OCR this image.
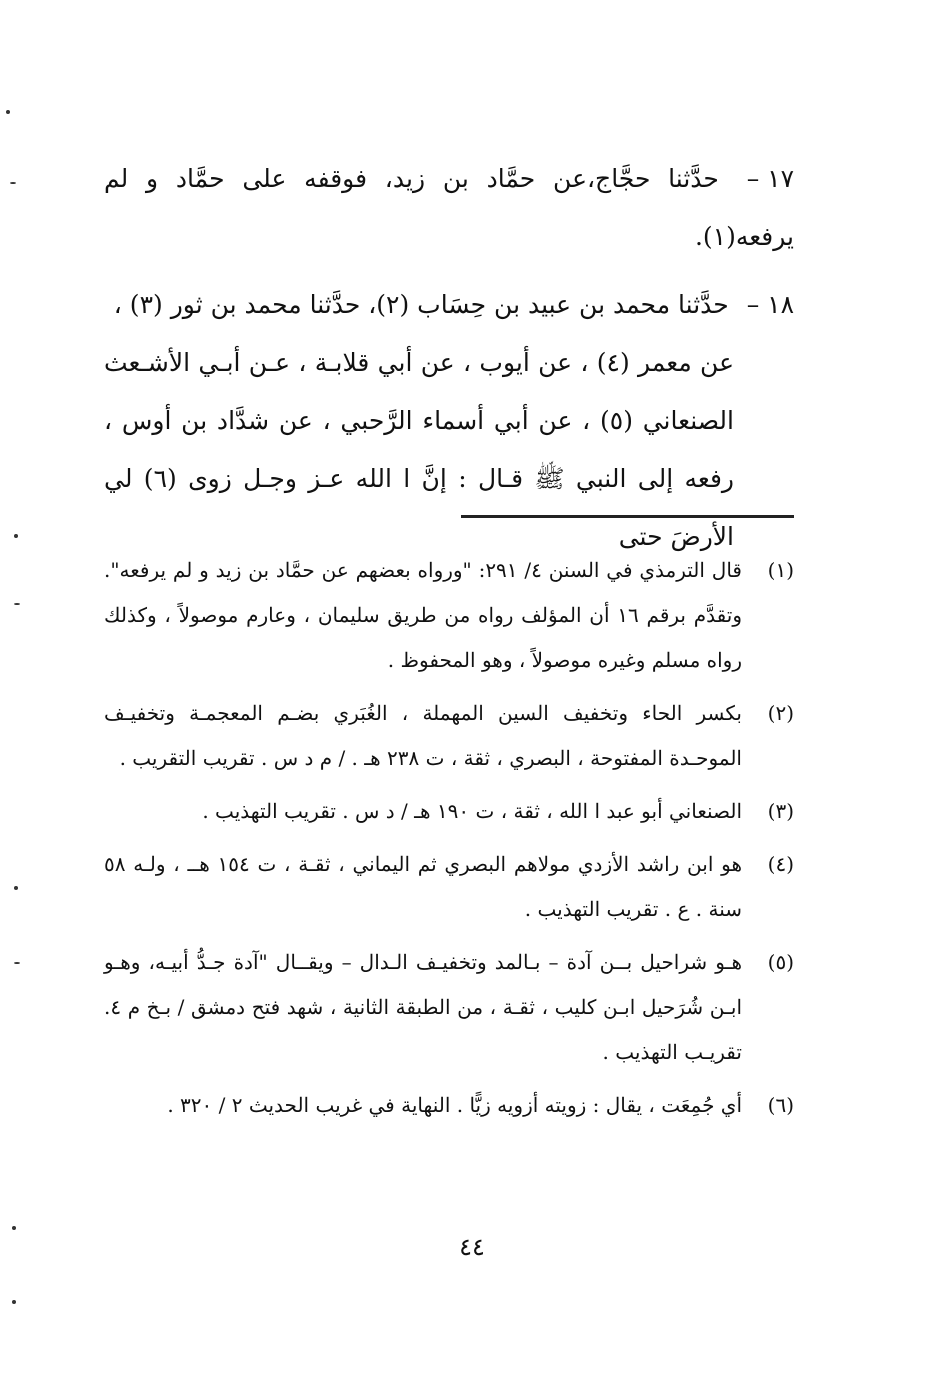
١٧ – حدَّثنا حجَّاج،عن حمَّاد بن زيد، فوقفه على حمَّاد و لم يرفعه(١).

١٨ – حدَّثنا محمد بن عبيد بن حِسَاب (٢)، حدَّثنا محمد بن ثور (٣) ،
عن معمر (٤) ، عن أيوب ، عن أبي قلابـة ، عـن أبـي الأشـعث الصنعاني (٥) ، عن أبي أسماء الرَّحبي ، عن شدَّاد بن أوس ، رفعه إلى النبي ﷺ قـال : إنَّ ا الله عـز وجـل زوى (٦) لي الأرضَ حتى

(١)
قال الترمذي في السنن ٤/ ٢٩١: "ورواه بعضهم عن حمَّاد بن زيد و لم يرفعه". وتقدَّم برقم ١٦ أن المؤلف رواه من طريق سليمان ، وعارم موصولاً ، وكذلك رواه مسلم وغيره موصولاً ، وهو المحفوظ .
(٢)
بكسر الحاء وتخفيف السين المهملة ، الغُبَري بضـم المعجمـة وتخفيـف الموحـدة المفتوحة ، البصري ، ثقة ، ت ٢٣٨ هـ . / م د س . تقريب التقريب .
(٣)
الصنعاني أبو عبد ا الله ، ثقة ، ت ١٩٠ هـ / د س . تقريب التهذيب .
(٤)
هو ابن راشد الأزدي مولاهم البصري ثم اليماني ، ثقـة ، ت ١٥٤ هــ ، ولـه ٥٨ سنة . ع . تقريب التهذيب .
(٥)
هـو شراحيل بــن آدة – بـالمد وتخفيـف الـدال – ويقــال "آدة جـدُّ أبيـه، وهـو ابـن شُرَحيل ابـن كليب ، ثقـة ، من الطبقة الثانية ، شهد فتح دمشق / بـخ م ٤. تقريـب التهذيب .
(٦)
أي جُمِعَت ، يقال : زويته أزويه زيًّا . النهاية في غريب الحديث ٢ / ٣٢٠ .
٤٤
